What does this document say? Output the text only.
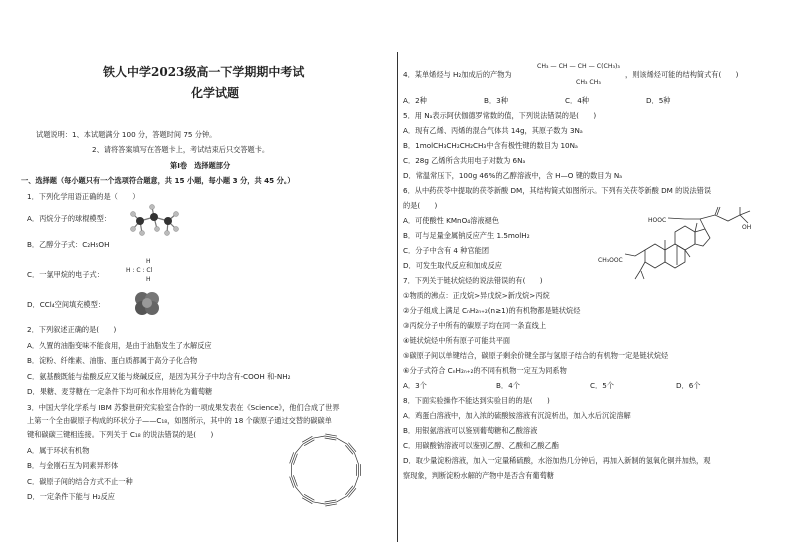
铁人中学2023级高一下学期期中考试
化学试题
试题说明：1、本试题满分 100 分，答题时间 75 分钟。
2、请将答案填写在答题卡上，考试结束后只交答题卡。
第Ⅰ卷　选择题部分
一、选择题（每小题只有一个选项符合题意，共 15 小题，每小题 3 分，共 45 分。）
1．下列化学用语正确的是（　　）
A．丙烷分子的球棍模型：
B．乙醇分子式：C₂H₅OH
C．一氯甲烷的电子式：
H
H : C : Cl
H
D．CCl₄空间填充模型：
2．下列叙述正确的是(　　)
A．久置的油脂变味不能食用，是由于油脂发生了水解反应
B．淀粉、纤维素、油脂、蛋白质都属于高分子化合物
C．氨基酸既能与盐酸反应又能与烧碱反应，是因为其分子中均含有-COOH 和-NH₂
D．果糖、麦芽糖在一定条件下均可和水作用转化为葡萄糖
3．中国大学化学系与 IBM 苏黎世研究实验室合作的一项成果发表在《Science》，他们合成了世界
上第一个全由碳原子构成的环状分子——C₁₈，如图所示，其中的 18 个碳原子通过交替的碳碳单
键和碳碳三键相连接。下列关于 C₁₈ 的说法错误的是(　　)
A．属于环状有机物
B．与金刚石互为同素异形体
C．碳原子间的结合方式不止一种
D．一定条件下能与 H₂反应
CH₃ — CH — CH — C(CH₃)₃
4．某单烯烃与 H₂加成后的产物为
CH₃ CH₃
，则该烯烃可能的结构简式有(　　)
A．2种	B．3种	C．4种	D．5种
5．用 Nₐ表示阿伏伽德罗常数的值，下列说法错误的是(　　)
A．现有乙烯、丙烯的混合气体共 14g，其原子数为 3Nₐ
B．1molCH₃CH₂CH₂CH₃中含有极性键的数目为 10Nₐ
C．28g 乙烯所含共用电子对数为 6Nₐ
D．常温常压下，100g 46%的乙醇溶液中，含 H—O 键的数目为 Nₐ
6．从中药茯苓中提取的茯苓新酸 DM，其结构简式如图所示。下列有关茯苓新酸 DM 的说法错误
的是(　　)
A．可使酸性 KMnO₄溶液褪色
B．可与足量金属钠反应产生 1.5molH₂
C．分子中含有 4 种官能团
D．可发生取代反应和加成反应
HOOC
OH
CH₃OOC
7．下列关于链状烷烃的说法错误的有(　　)
①物质的沸点：正戊烷>异戊烷>新戊烷>丙烷
②分子组成上满足 CₙH₂ₙ₊₂(n≥1)的有机物都是链状烷烃
③丙烷分子中所有的碳原子均在同一条直线上
④链状烷烃中所有原子可能共平面
⑤碳原子间以单键结合，碳原子剩余价键全部与氢原子结合的有机物一定是链状烷烃
⑥分子式符合 CₙH₂ₙ₊₂的不同有机物一定互为同系物
A．3个	B．4个	C．5个	D．6个
8．下面实验操作不能达到实验目的的是(　　)
A．鸡蛋白溶液中，加入浓的硫酸铵溶液有沉淀析出，加入水后沉淀溶解
B．用银氨溶液可以鉴别葡萄糖和乙酸溶液
C．用碳酸钠溶液可以鉴别乙醇、乙酸和乙酸乙酯
D．取少量淀粉溶液，加入一定量稀硫酸，水浴加热几分钟后，再加入新制的氢氧化铜并加热，观
察现象，判断淀粉水解的产物中是否含有葡萄糖
